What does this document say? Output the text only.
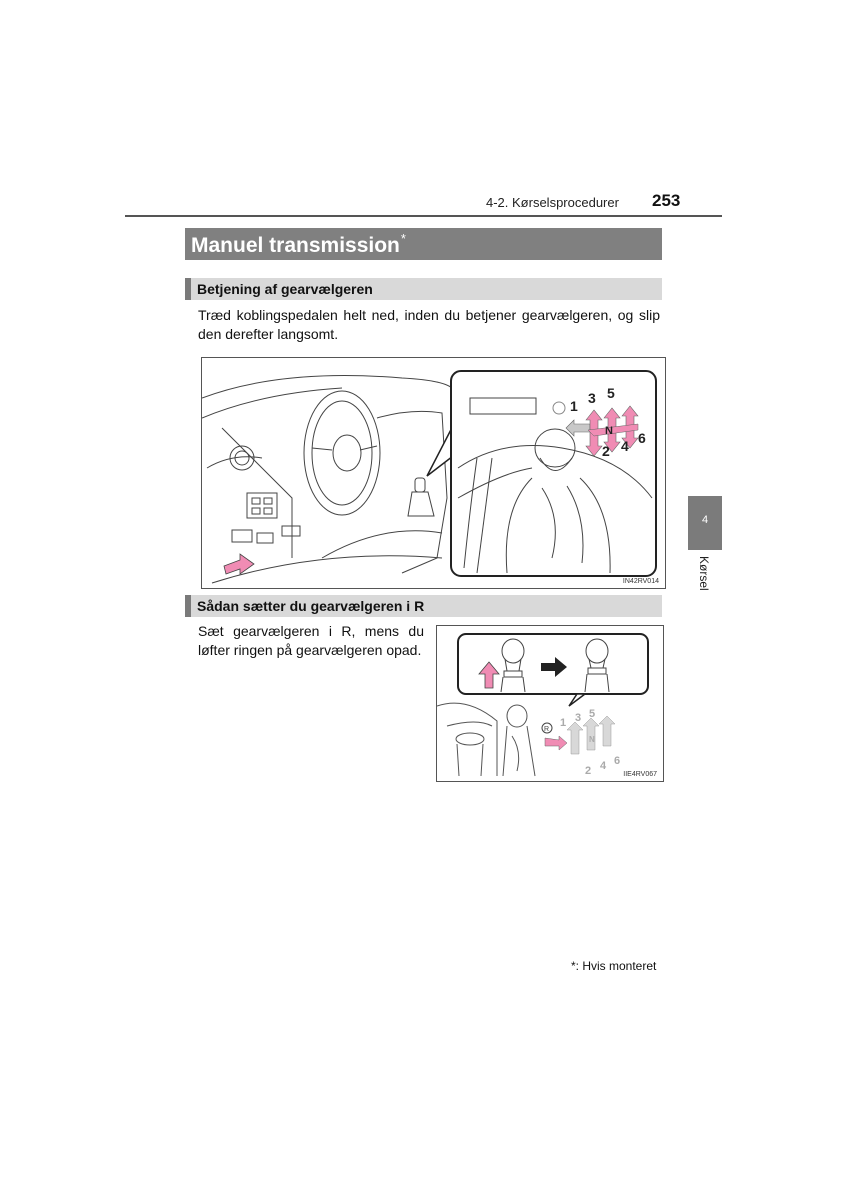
4-2. Kørselsprocedurer 253
Manuel transmission*
Betjening af gearvælgeren
Træd koblingspedalen helt ned, inden du betjener gearvælgeren, og slip den derefter langsomt.
1 3 5
N
2 4 6
IN42RV014
Sådan sætter du gearvælgeren i R
Sæt gearvælgeren i R, mens du løfter ringen på gearvælgeren opad.
R
1 3 5
N
2 4 6
IIE4RV067
4
Kørsel
*: Hvis monteret
